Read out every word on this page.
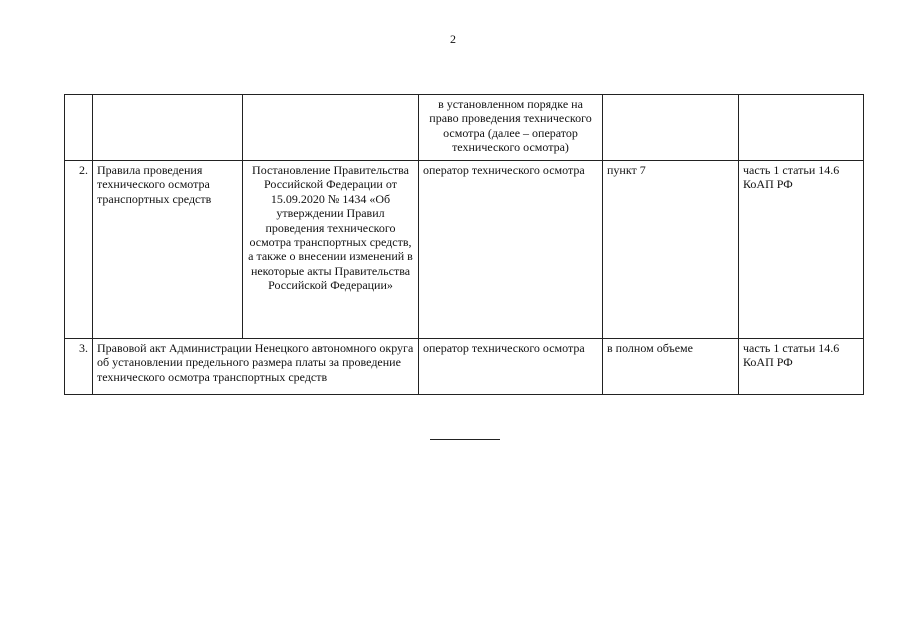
2
			в установленном порядке на право проведения технического осмотра (далее – оператор технического осмотра)		
2.	Правила проведения технического осмотра транспортных средств	Постановление Правительства Российской Федерации от 15.09.2020 № 1434 «Об утверждении Правил проведения технического осмотра транспортных средств, а также о внесении изменений в некоторые акты Правительства Российской Федерации»	оператор технического осмотра	пункт 7	часть 1 статьи 14.6 КоАП РФ
3.	Правовой акт Администрации Ненецкого автономного округа об установлении предельного размера платы за проведение технического осмотра транспортных средств		оператор технического осмотра	в полном объеме	часть 1 статьи 14.6 КоАП РФ
